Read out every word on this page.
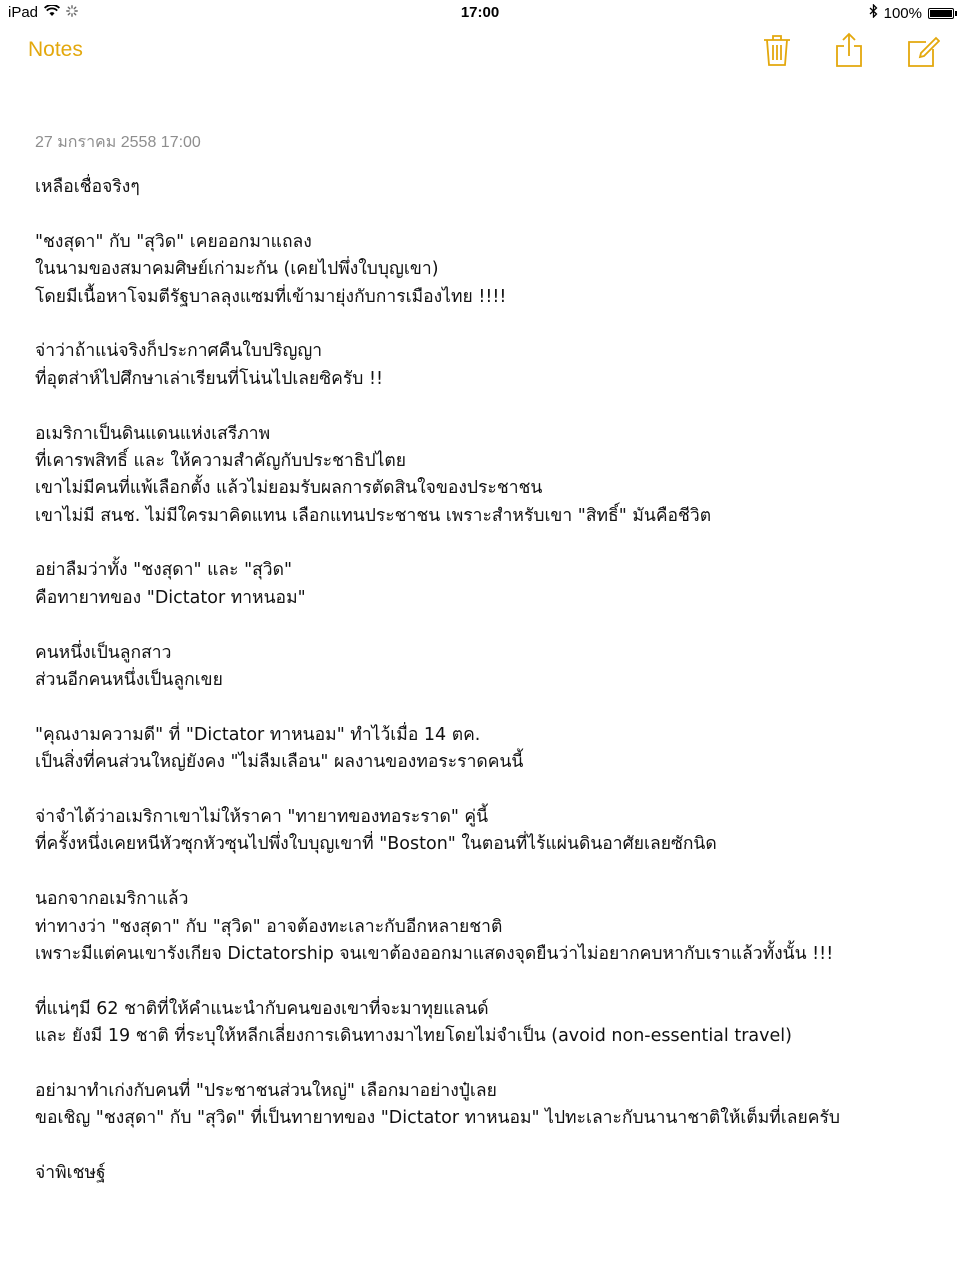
iPad	17:00	100%
Notes
27 มกราคม 2558 17:00
เหลือเชื่อจริงๆ
"ชงสุดา" กับ "สุวิด" เคยออกมาแถลง
ในนามของสมาคมศิษย์เก่ามะกัน (เคยไปพึ่งใบบุญเขา)
โดยมีเนื้อหาโจมตีรัฐบาลลุงแซมที่เข้ามายุ่งกับการเมืองไทย !!!!
จ่าว่าถ้าแน่จริงก็ประกาศคืนใบปริญญา
ที่อุตส่าห์ไปศึกษาเล่าเรียนที่โน่นไปเลยซิครับ !!
อเมริกาเป็นดินแดนแห่งเสรีภาพ
ที่เคารพสิทธิ์ และ ให้ความสำคัญกับประชาธิปไตย
เขาไม่มีคนที่แพ้เลือกตั้ง แล้วไม่ยอมรับผลการตัดสินใจของประชาชน
เขาไม่มี สนช. ไม่มีใครมาคิดแทน เลือกแทนประชาชน เพราะสำหรับเขา "สิทธิ์" มันคือชีวิต
อย่าลืมว่าทั้ง "ชงสุดา" และ "สุวิด"
คือทายาทของ "Dictator ทาหนอม"
คนหนึ่งเป็นลูกสาว
ส่วนอีกคนหนึ่งเป็นลูกเขย
"คุณงามความดี" ที่ "Dictator ทาหนอม" ทำไว้เมื่อ 14 ตค.
เป็นสิ่งที่คนส่วนใหญ่ยังคง "ไม่ลืมเลือน" ผลงานของทอระราดคนนี้
จ่าจำได้ว่าอเมริกาเขาไม่ให้ราคา "ทายาทของทอระราด" คู่นี้
ที่ครั้งหนึ่งเคยหนีหัวซุกหัวซุนไปพึ่งใบบุญเขาที่ "Boston" ในตอนที่ไร้แผ่นดินอาศัยเลยซักนิด
นอกจากอเมริกาแล้ว
ท่าทางว่า "ชงสุดา" กับ "สุวิด" อาจต้องทะเลาะกับอีกหลายชาติ
เพราะมีแต่คนเขารังเกียจ Dictatorship จนเขาต้องออกมาแสดงจุดยืนว่าไม่อยากคบหากับเราแล้วทั้งนั้น !!!
ที่แน่ๆมี 62 ชาติที่ให้คำแนะนำกับคนของเขาที่จะมาทุยแลนด์
และ ยังมี 19 ชาติ ที่ระบุให้หลีกเลี่ยงการเดินทางมาไทยโดยไม่จำเป็น (avoid non-essential travel)
อย่ามาทำเก่งกับคนที่ "ประชาชนส่วนใหญ่" เลือกมาอย่างปู๋เลย
ขอเชิญ "ชงสุดา" กับ "สุวิด" ที่เป็นทายาทของ "Dictator ทาหนอม" ไปทะเลาะกับนานาชาติให้เต็มที่เลยครับ
จ่าพิเชษฐ์
